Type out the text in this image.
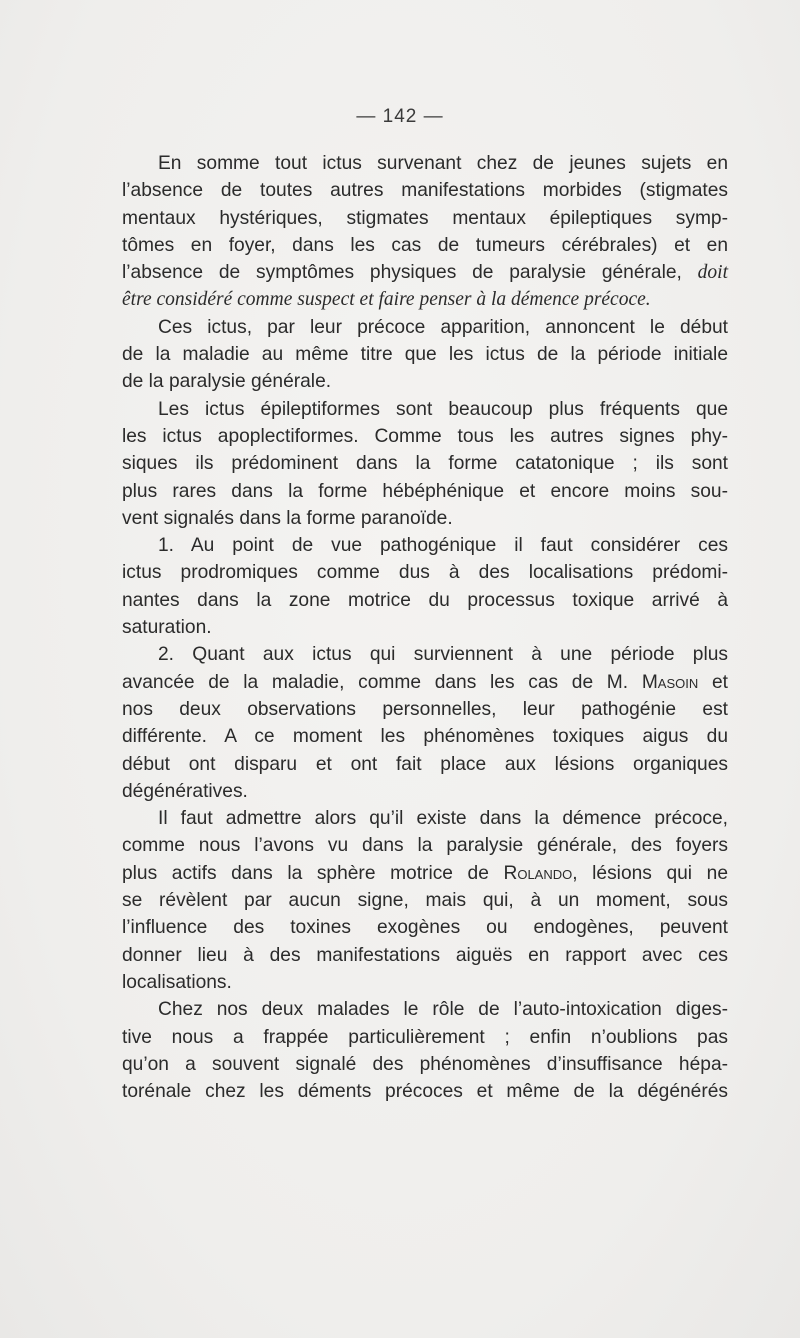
— 142 —
En somme tout ictus survenant chez de jeunes sujets en
l’absence de toutes autres manifestations morbides (stigmates
mentaux hystériques, stigmates mentaux épileptiques symp-
tômes en foyer, dans les cas de tumeurs cérébrales) et en
l’absence de symptômes physiques de paralysie générale, doit
être considéré comme suspect et faire penser à la démence précoce.
Ces ictus, par leur précoce apparition, annoncent le début
de la maladie au même titre que les ictus de la période initiale
de la paralysie générale.
Les ictus épileptiformes sont beaucoup plus fréquents que
les ictus apoplectiformes. Comme tous les autres signes phy-
siques ils prédominent dans la forme catatonique ; ils sont
plus rares dans la forme hébéphénique et encore moins sou-
vent signalés dans la forme paranoïde.
1. Au point de vue pathogénique il faut considérer ces
ictus prodromiques comme dus à des localisations prédomi-
nantes dans la zone motrice du processus toxique arrivé à
saturation.
2. Quant aux ictus qui surviennent à une période plus
avancée de la maladie, comme dans les cas de M. Masoin et
nos deux observations personnelles, leur pathogénie est
différente. A ce moment les phénomènes toxiques aigus du
début ont disparu et ont fait place aux lésions organiques
dégénératives.
Il faut admettre alors qu’il existe dans la démence précoce,
comme nous l’avons vu dans la paralysie générale, des foyers
plus actifs dans la sphère motrice de Rolando, lésions qui ne
se révèlent par aucun signe, mais qui, à un moment, sous
l’influence des toxines exogènes ou endogènes, peuvent
donner lieu à des manifestations aiguës en rapport avec ces
localisations.
Chez nos deux malades le rôle de l’auto-intoxication diges-
tive nous a frappée particulièrement ; enfin n’oublions pas
qu’on a souvent signalé des phénomènes d’insuffisance hépa-
torénale chez les déments précoces et même de la dégénérés
